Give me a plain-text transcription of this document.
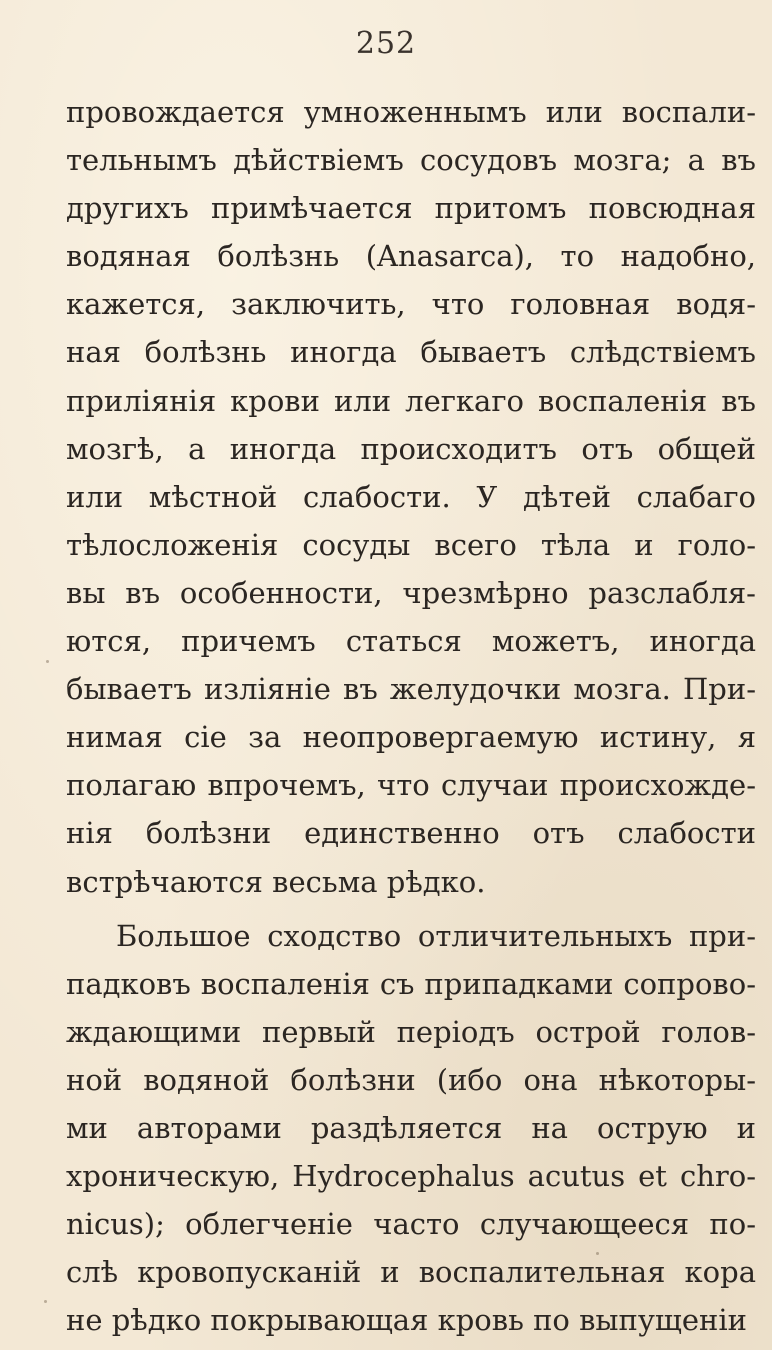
252
провождается умноженнымъ или воспали-
тельнымъ дѣйствiемъ сосудовъ мозга; а въ
другихъ примѣчается притомъ повсюдная
водяная болѣзнь (Anasarca), то надобно,
кажется, заключить, что головная водя-
ная болѣзнь иногда бываетъ слѣдствiемъ
прилiянiя крови или легкаго воспаленiя въ
мозгѣ, а иногда происходитъ отъ общей
или мѣстной слабости. У дѣтей слабаго
тѣлосложенiя сосуды всего тѣла и голо-
вы въ особенности, чрезмѣрно разслабля-
ются, причемъ статься можетъ, иногда
бываетъ излiянiе въ желудочки мозга. При-
нимая сiе за неопровергаемую истину, я
полагаю впрочемъ, что случаи происхожде-
нiя болѣзни единственно отъ слабости
встрѣчаются весьма рѣдко.
Большое сходство отличительныхъ при-
падковъ воспаленiя съ припадками сопрово-
ждающими первый перiодъ острой голов-
ной водяной болѣзни (ибо она нѣкоторы-
ми авторами раздѣляется на острую и
хроническую, Hydrocephalus acutus et chro-
nicus); облегченiе часто случающееся по-
слѣ кровопусканiй и воспалительная кора
не рѣдко покрывающая кровь по выпущенiи
